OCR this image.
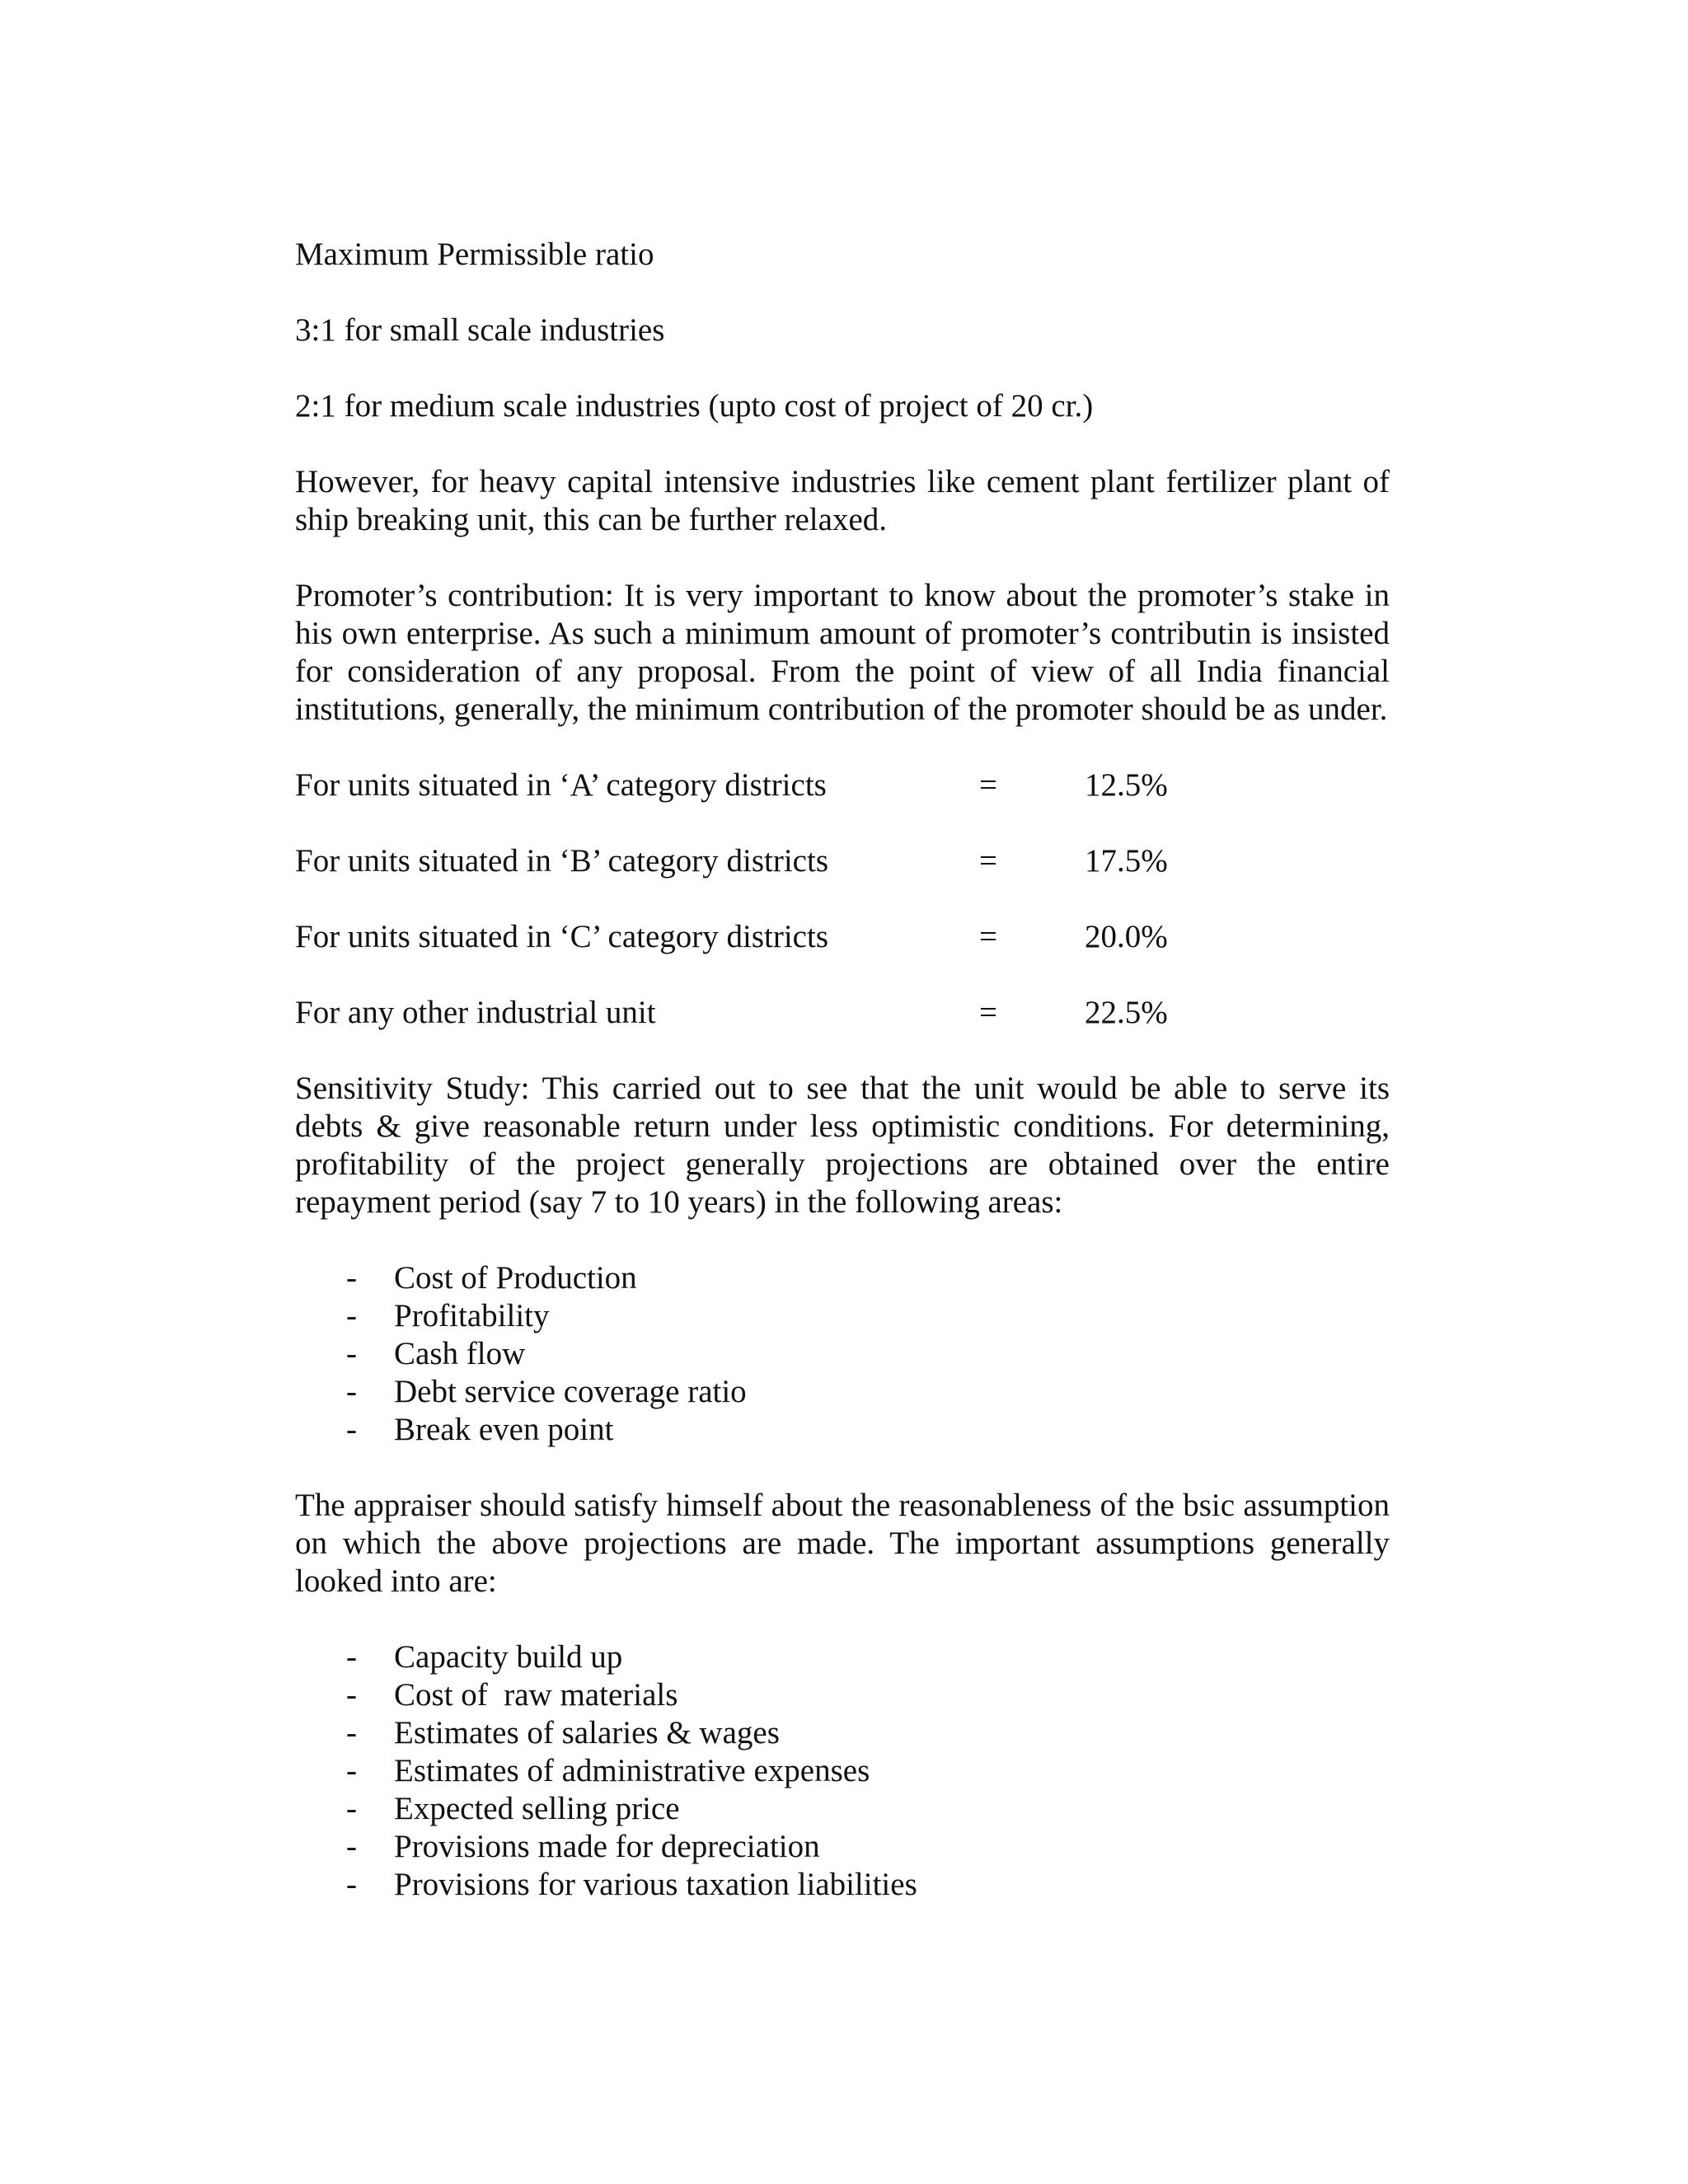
Maximum Permissible ratio

3:1 for small scale industries

2:1 for medium scale industries (upto cost of project of 20 cr.)

However, for heavy capital intensive industries like cement plant fertilizer plant of ship breaking unit, this can be further relaxed.

Promoter’s contribution: It is very important to know about the promoter’s stake in his own enterprise. As such a minimum amount of promoter’s contributin is insisted for consideration of any proposal. From the point of view of all India financial institutions, generally, the minimum contribution of the promoter should be as under.

For units situated in ‘A’ category districts	=	12.5%
For units situated in ‘B’ category districts	=	17.5%
For units situated in ‘C’ category districts	=	20.0%
For any other industrial unit	=	22.5%

Sensitivity Study: This carried out to see that the unit would be able to serve its debts & give reasonable return under less optimistic conditions. For determining, profitability of the project generally projections are obtained over the entire repayment period (say 7 to 10 years) in the following areas:

- Cost of Production
- Profitability
- Cash flow
- Debt service coverage ratio
- Break even point

The appraiser should satisfy himself about the reasonableness of the bsic assumption on which the above projections are made. The important assumptions generally looked into are:

- Capacity build up
- Cost of  raw materials
- Estimates of salaries & wages
- Estimates of administrative expenses
- Expected selling price
- Provisions made for depreciation
- Provisions for various taxation liabilities
